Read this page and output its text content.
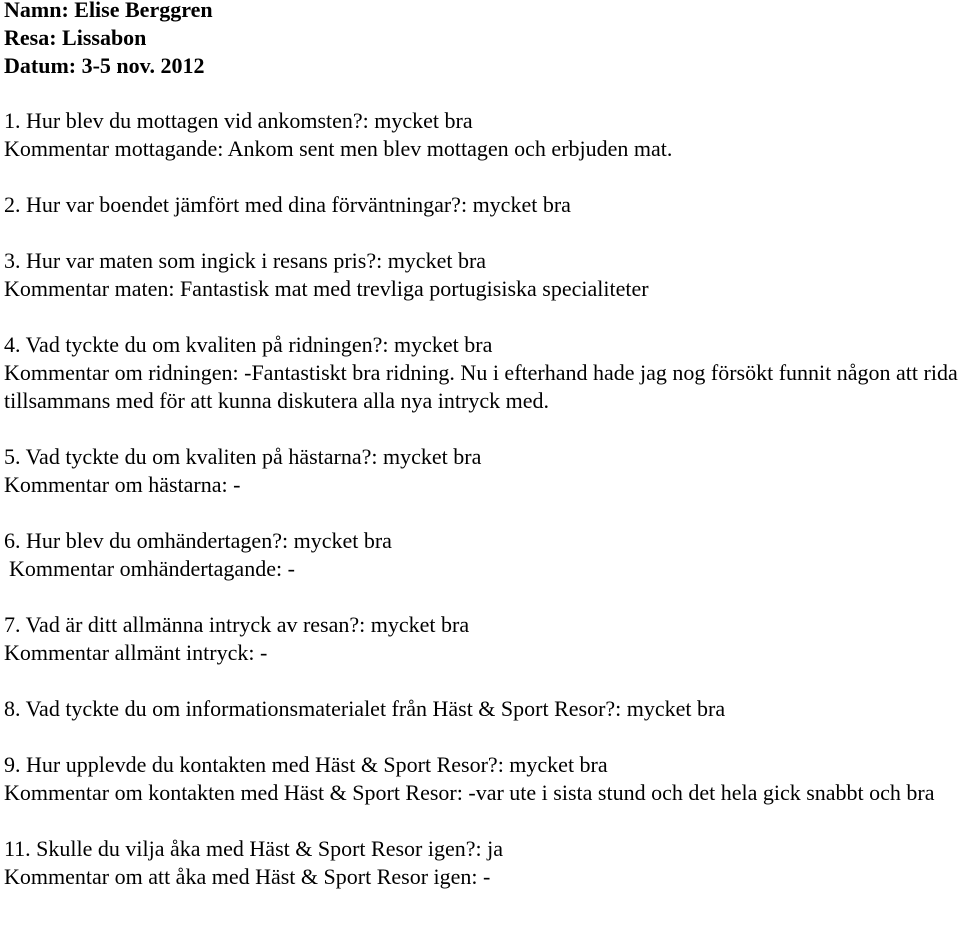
Namn: Elise Berggren
Resa: Lissabon
Datum: 3-5 nov. 2012
1. Hur blev du mottagen vid ankomsten?: mycket bra
Kommentar mottagande: Ankom sent men blev mottagen och erbjuden mat.
2. Hur var boendet jämfört med dina förväntningar?: mycket bra
3. Hur var maten som ingick i resans pris?: mycket bra
Kommentar maten: Fantastisk mat med trevliga portugisiska specialiteter
4. Vad tyckte du om kvaliten på ridningen?: mycket bra
Kommentar om ridningen: -Fantastiskt bra ridning. Nu i efterhand hade jag nog försökt funnit någon att rida tillsammans med för att kunna diskutera alla nya intryck med.
5. Vad tyckte du om kvaliten på hästarna?: mycket bra
Kommentar om hästarna: -
6. Hur blev du omhändertagen?: mycket bra
Kommentar omhändertagande: -
7. Vad är ditt allmänna intryck av resan?: mycket bra
Kommentar allmänt intryck: -
8. Vad tyckte du om informationsmaterialet från Häst & Sport Resor?: mycket bra
9. Hur upplevde du kontakten med Häst & Sport Resor?: mycket bra
Kommentar om kontakten med Häst & Sport Resor: -var ute i sista stund och det hela gick snabbt och bra
11. Skulle du vilja åka med Häst & Sport Resor igen?: ja
Kommentar om att åka med Häst & Sport Resor igen: -
